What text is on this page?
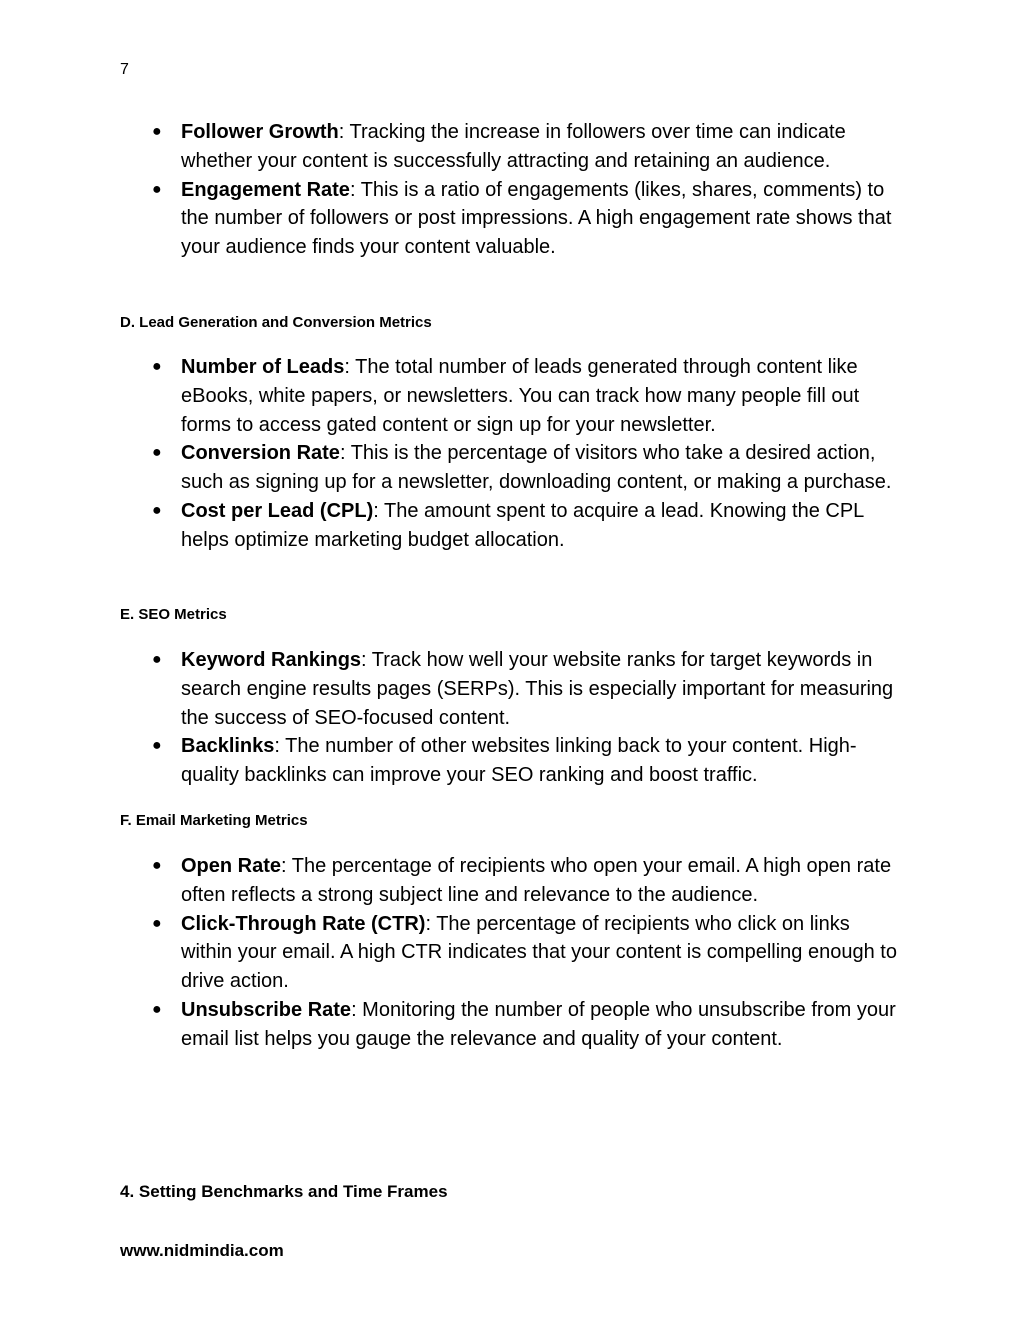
7
● Follower Growth: Tracking the increase in followers over time can indicate whether your content is successfully attracting and retaining an audience.
● Engagement Rate: This is a ratio of engagements (likes, shares, comments) to the number of followers or post impressions. A high engagement rate shows that your audience finds your content valuable.
D. Lead Generation and Conversion Metrics
● Number of Leads: The total number of leads generated through content like eBooks, white papers, or newsletters. You can track how many people fill out forms to access gated content or sign up for your newsletter.
● Conversion Rate: This is the percentage of visitors who take a desired action, such as signing up for a newsletter, downloading content, or making a purchase.
● Cost per Lead (CPL): The amount spent to acquire a lead. Knowing the CPL helps optimize marketing budget allocation.
E. SEO Metrics
● Keyword Rankings: Track how well your website ranks for target keywords in search engine results pages (SERPs). This is especially important for measuring the success of SEO-focused content.
● Backlinks: The number of other websites linking back to your content. High-quality backlinks can improve your SEO ranking and boost traffic.
F. Email Marketing Metrics
● Open Rate: The percentage of recipients who open your email. A high open rate often reflects a strong subject line and relevance to the audience.
● Click-Through Rate (CTR): The percentage of recipients who click on links within your email. A high CTR indicates that your content is compelling enough to drive action.
● Unsubscribe Rate: Monitoring the number of people who unsubscribe from your email list helps you gauge the relevance and quality of your content.
4. Setting Benchmarks and Time Frames
www.nidmindia.com
